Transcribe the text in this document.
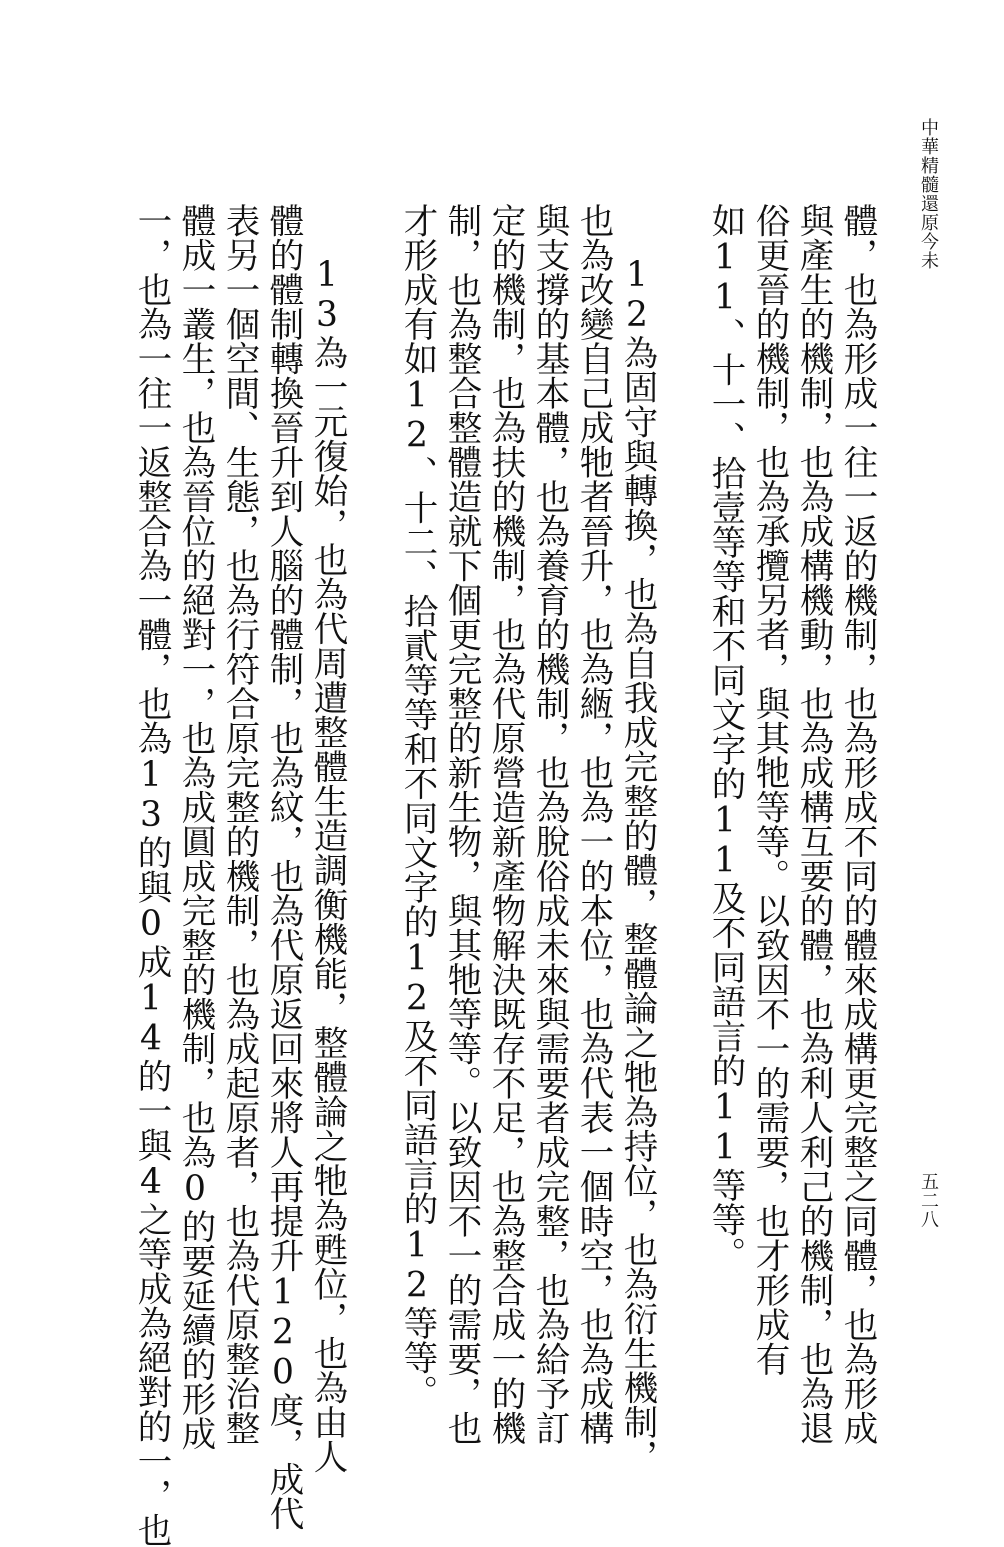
中華精髓還原今未
五二八
體，也為形成一往一返的機制，也為形成不同的體來成構更完整之同體，也為形成
與產生的機制，也為成構機動，也為成構互要的體，也為利人利己的機制，也為退
俗更晉的機制，也為承攬另者，與其牠等等。以致因不一的需要，也才形成有
如11、十一、拾壹等等和不同文字的11及不同語言的11等等。
12為固守與轉換，也為自我成完整的體，整體論之牠為持位，也為衍生機制，
也為改變自己成牠者晉升，也為緪，也為一的本位，也為代表一個時空，也為成構
與支撐的基本體，也為養育的機制，也為脫俗成未來與需要者成完整，也為給予訂
定的機制，也為扶的機制，也為代原營造新產物解決既存不足，也為整合成一的機
制，也為整合整體造就下個更完整的新生物，與其牠等等。以致因不一的需要，也
才形成有如12、十二、拾貳等等和不同文字的12及不同語言的12等等。
13為一元復始，也為代周遭整體生造調衡機能，整體論之牠為甦位，也為由人
體的體制轉換晉升到人腦的體制，也為紋，也為代原返回來將人再提升120度，成代
表另一個空間、生態，也為行符合原完整的機制，也為成起原者，也為代原整治整
體成一叢生，也為晉位的絕對一，也為成圓成完整的機制，也為0的要延續的形成
一，也為一往一返整合為一體，也為13的與0成14的一與4之等成為絕對的一，也
